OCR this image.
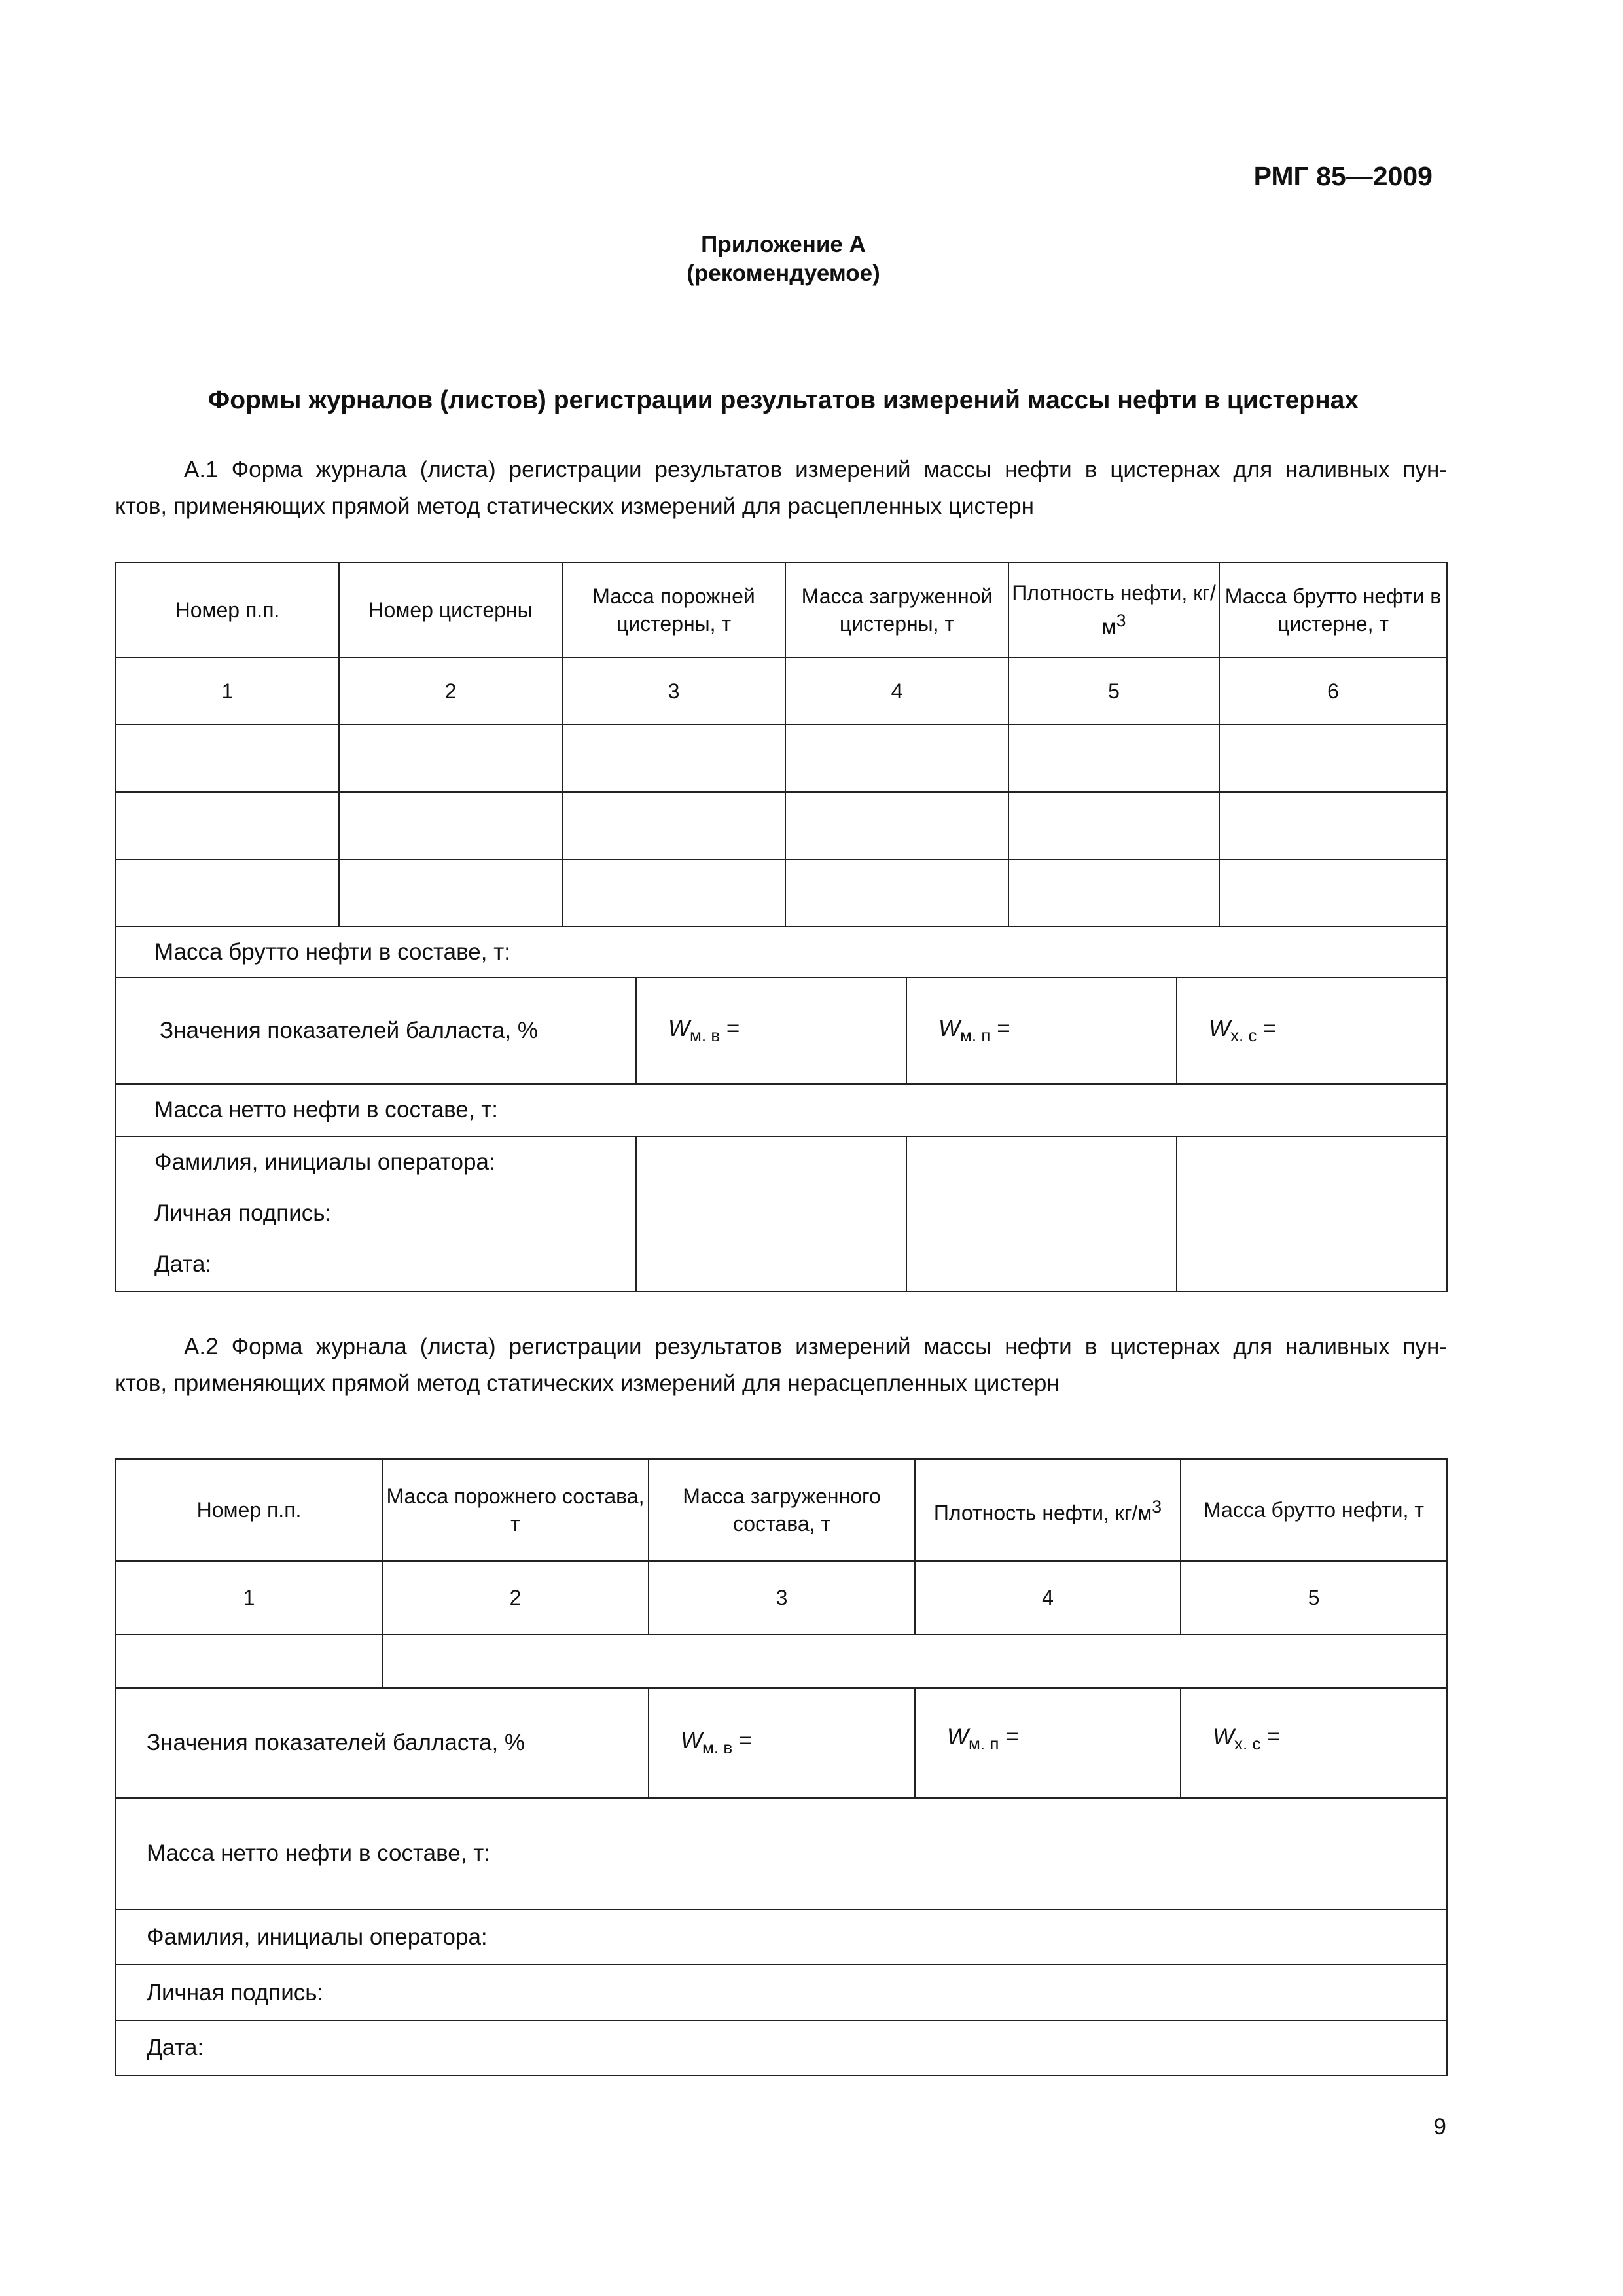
РМГ 85—2009
Приложение А
(рекомендуемое)
Формы журналов (листов) регистрации результатов измерений массы нефти в цистернах
А.1 Форма журнала (листа) регистрации результатов измерений массы нефти в цистернах для наливных пун-
ктов, применяющих прямой метод статических измерений для расцепленных цистерн
Номер п.п.	Номер цистерны	Масса порожней цистерны, т	Масса загруженной цистерны, т	Плотность нефти, $кг/м^3$	Масса брутто нефти в цистерне, т
1	2	3	4	5	6

Масса брутто нефти в составе, т:			
Значения показателей балласта, %	$W_{м. в}$ =	$W_{м. п}$ =	$W_{х. с}$ =
Масса нетто нефти в составе, т:			

Фамилия, инициалы оператора:
Личная подпись:
Дата:			

А.2 Форма журнала (листа) регистрации результатов измерений массы нефти в цистернах для наливных пун-
ктов, применяющих прямой метод статических измерений для нерасцепленных цистерн
Номер п.п.	Масса порожнего состава, т	Масса загруженного состава, т	Плотность нефти, $кг/м^3$	Масса брутто нефти, т
1	2	3	4	5

Значения показателей балласта, %		$W_{м. в}$ =	$W_{м. п}$ =	$W_{х. с}$ =
Масса нетто нефти в составе, т:				
Фамилия, инициалы оператора:				
Личная подпись:				
Дата:				
9
